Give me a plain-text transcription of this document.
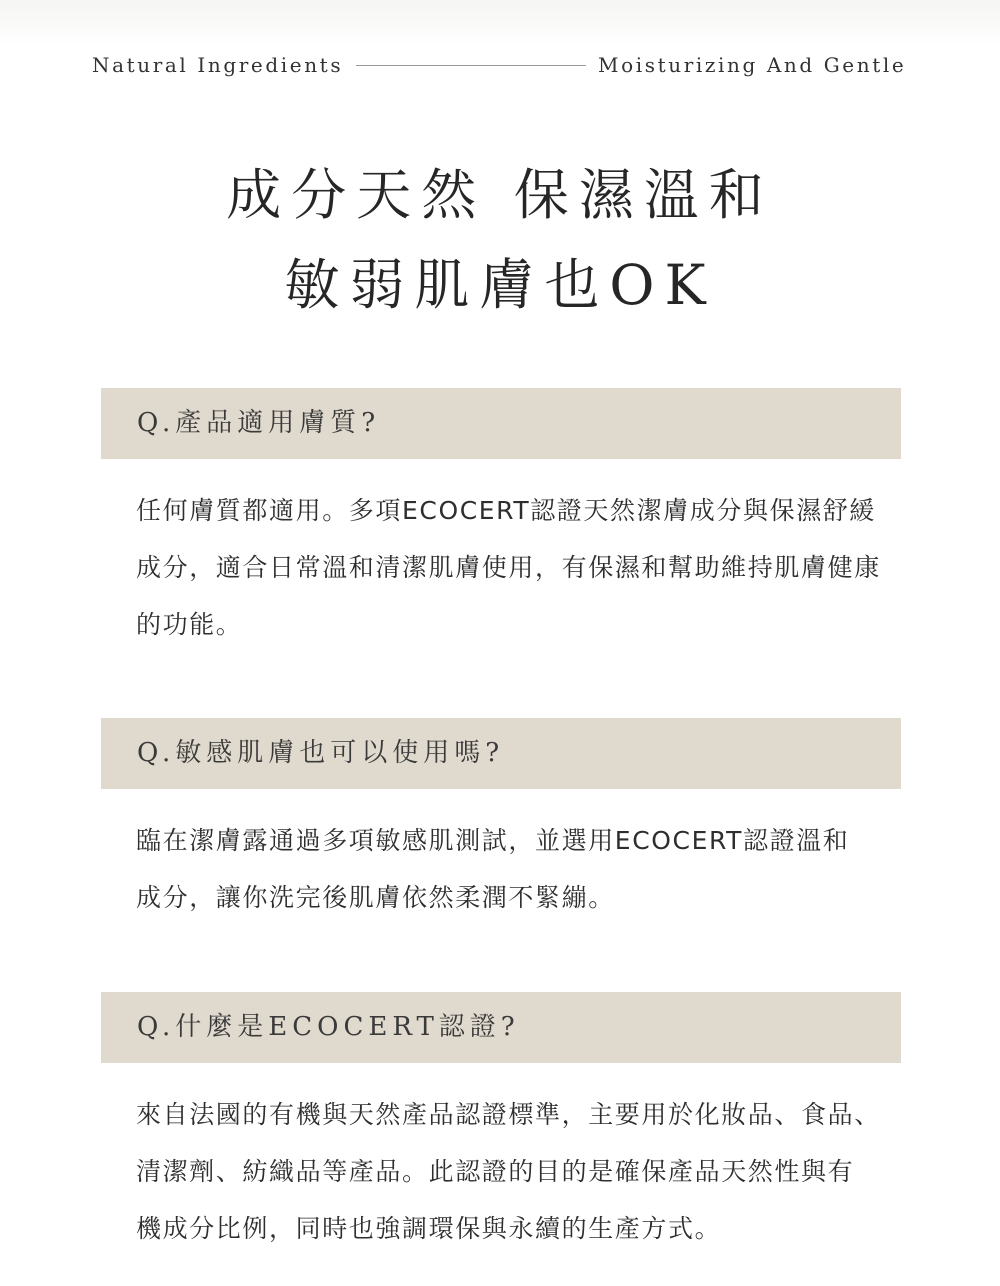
Natural Ingredients	Moisturizing And Gentle
成分天然 保濕溫和
敏弱肌膚也OK
Q.產品適用膚質?
任何膚質都適用。多項ECOCERT認證天然潔膚成分與保濕舒緩
成分，適合日常溫和清潔肌膚使用，有保濕和幫助維持肌膚健康
的功能。
Q.敏感肌膚也可以使用嗎?
臨在潔膚露通過多項敏感肌測試，並選用ECOCERT認證溫和
成分，讓你洗完後肌膚依然柔潤不緊繃。
Q.什麼是ECOCERT認證?
來自法國的有機與天然產品認證標準，主要用於化妝品、食品、
清潔劑、紡織品等產品。此認證的目的是確保產品天然性與有
機成分比例，同時也強調環保與永續的生產方式。
